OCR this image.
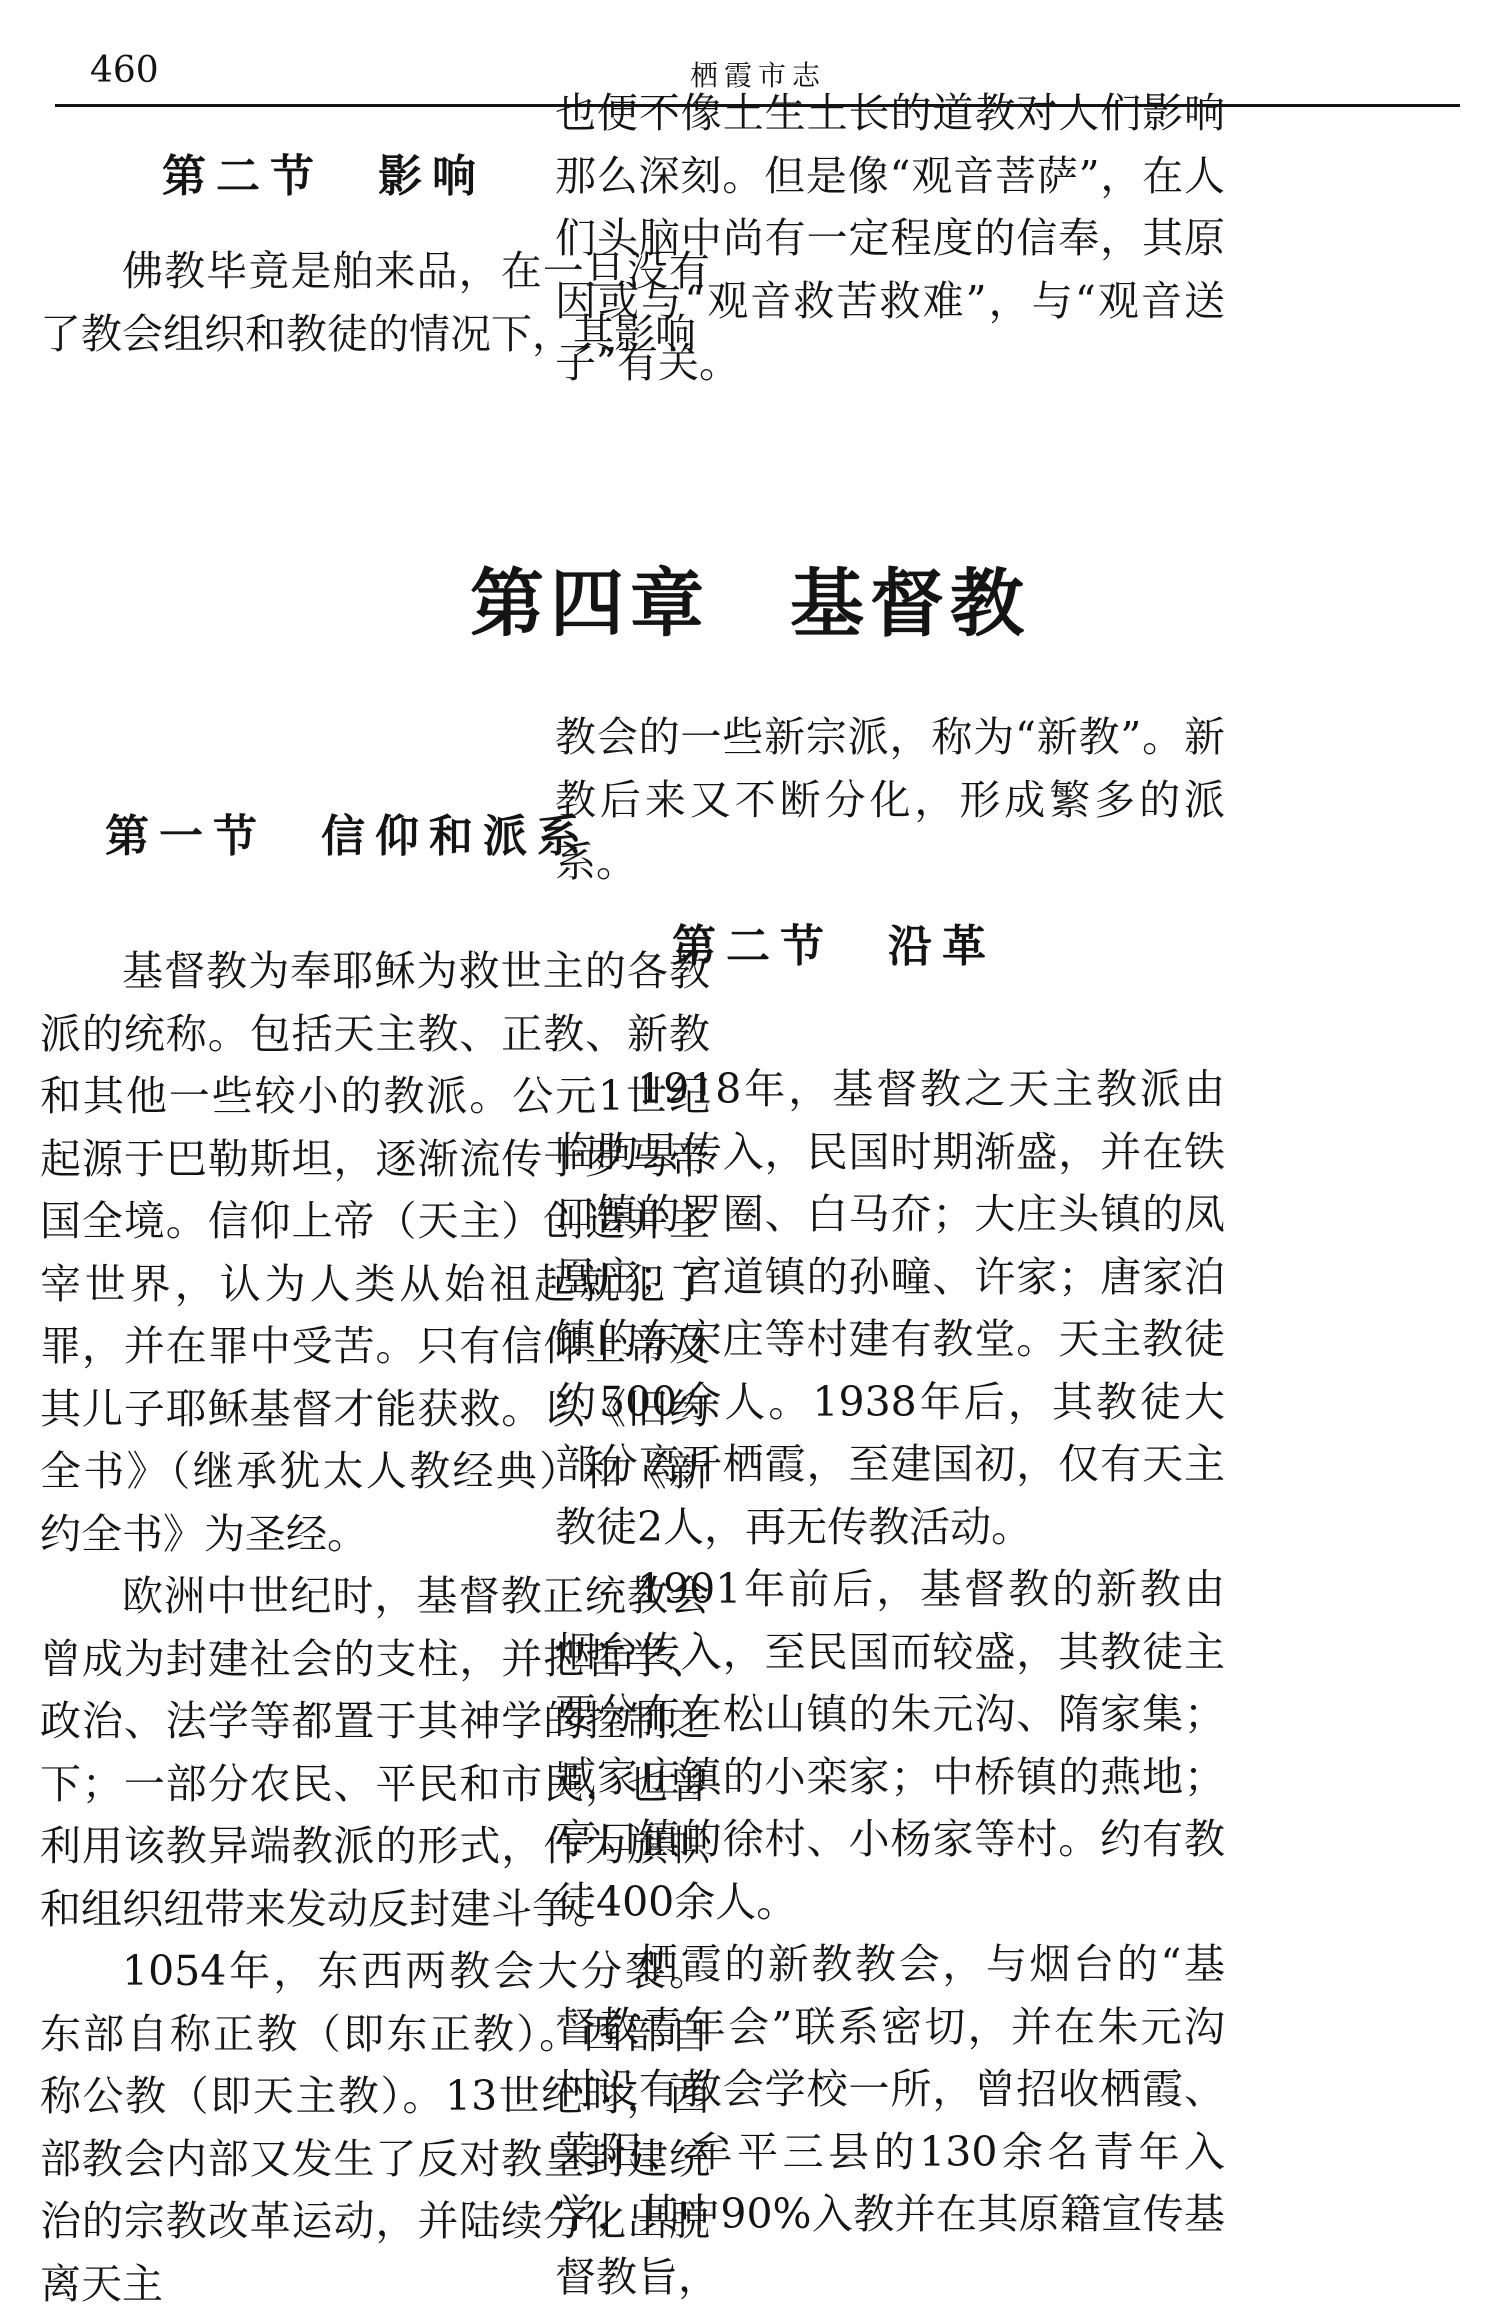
460	栖霞市志
第二节　影响

佛教毕竟是舶来品，在一旦没有了教会组织和教徒的情况下，其影响

也便不像土生土长的道教对人们影响那么深刻。但是像“观音菩萨”，在人们头脑中尚有一定程度的信奉，其原因或与“观音救苦救难”，与“观音送子”有关。

第四章　基督教
第一节　信仰和派系

基督教为奉耶稣为救世主的各教派的统称。包括天主教、正教、新教和其他一些较小的教派。公元1世纪起源于巴勒斯坦，逐渐流传于罗马帝国全境。信仰上帝（天主）创造并主宰世界，认为人类从始祖起就犯了罪，并在罪中受苦。只有信仰上帝及其儿子耶稣基督才能获救。以《旧约全书》（继承犹太人教经典）和《新约全书》为圣经。

欧洲中世纪时，基督教正统教会曾成为封建社会的支柱，并把哲学、政治、法学等都置于其神学的控制之下；一部分农民、平民和市民，也曾利用该教异端教派的形式，作为旗帜和组织纽带来发动反封建斗争。

1054年，东西两教会大分裂。东部自称正教（即东正教）。西部自称公教（即天主教）。13世纪时，西部教会内部又发生了反对教皇封建统治的宗教改革运动，并陆续分化出脱离天主

教会的一些新宗派，称为“新教”。新教后来又不断分化，形成繁多的派系。

第二节　沿革

1918年，基督教之天主教派由临朐县传入，民国时期渐盛，并在铁口镇的罗圈、白马夼；大庄头镇的凤凰庄；官道镇的孙疃、许家；唐家泊镇的东宋庄等村建有教堂。天主教徒约500余人。1938年后，其教徒大部分离开栖霞，至建国初，仅有天主教徒2人，再无传教活动。

1901年前后，基督教的新教由烟台传入，至民国而较盛，其教徒主要分布在松山镇的朱元沟、隋家集；臧家庄镇的小栾家；中桥镇的燕地；亭口镇的徐村、小杨家等村。约有教徒400余人。

栖霞的新教教会，与烟台的“基督教青年会”联系密切，并在朱元沟村设有教会学校一所，曾招收栖霞、莱阳、牟平三县的130余名青年入学，其中90%入教并在其原籍宣传基督教旨，
